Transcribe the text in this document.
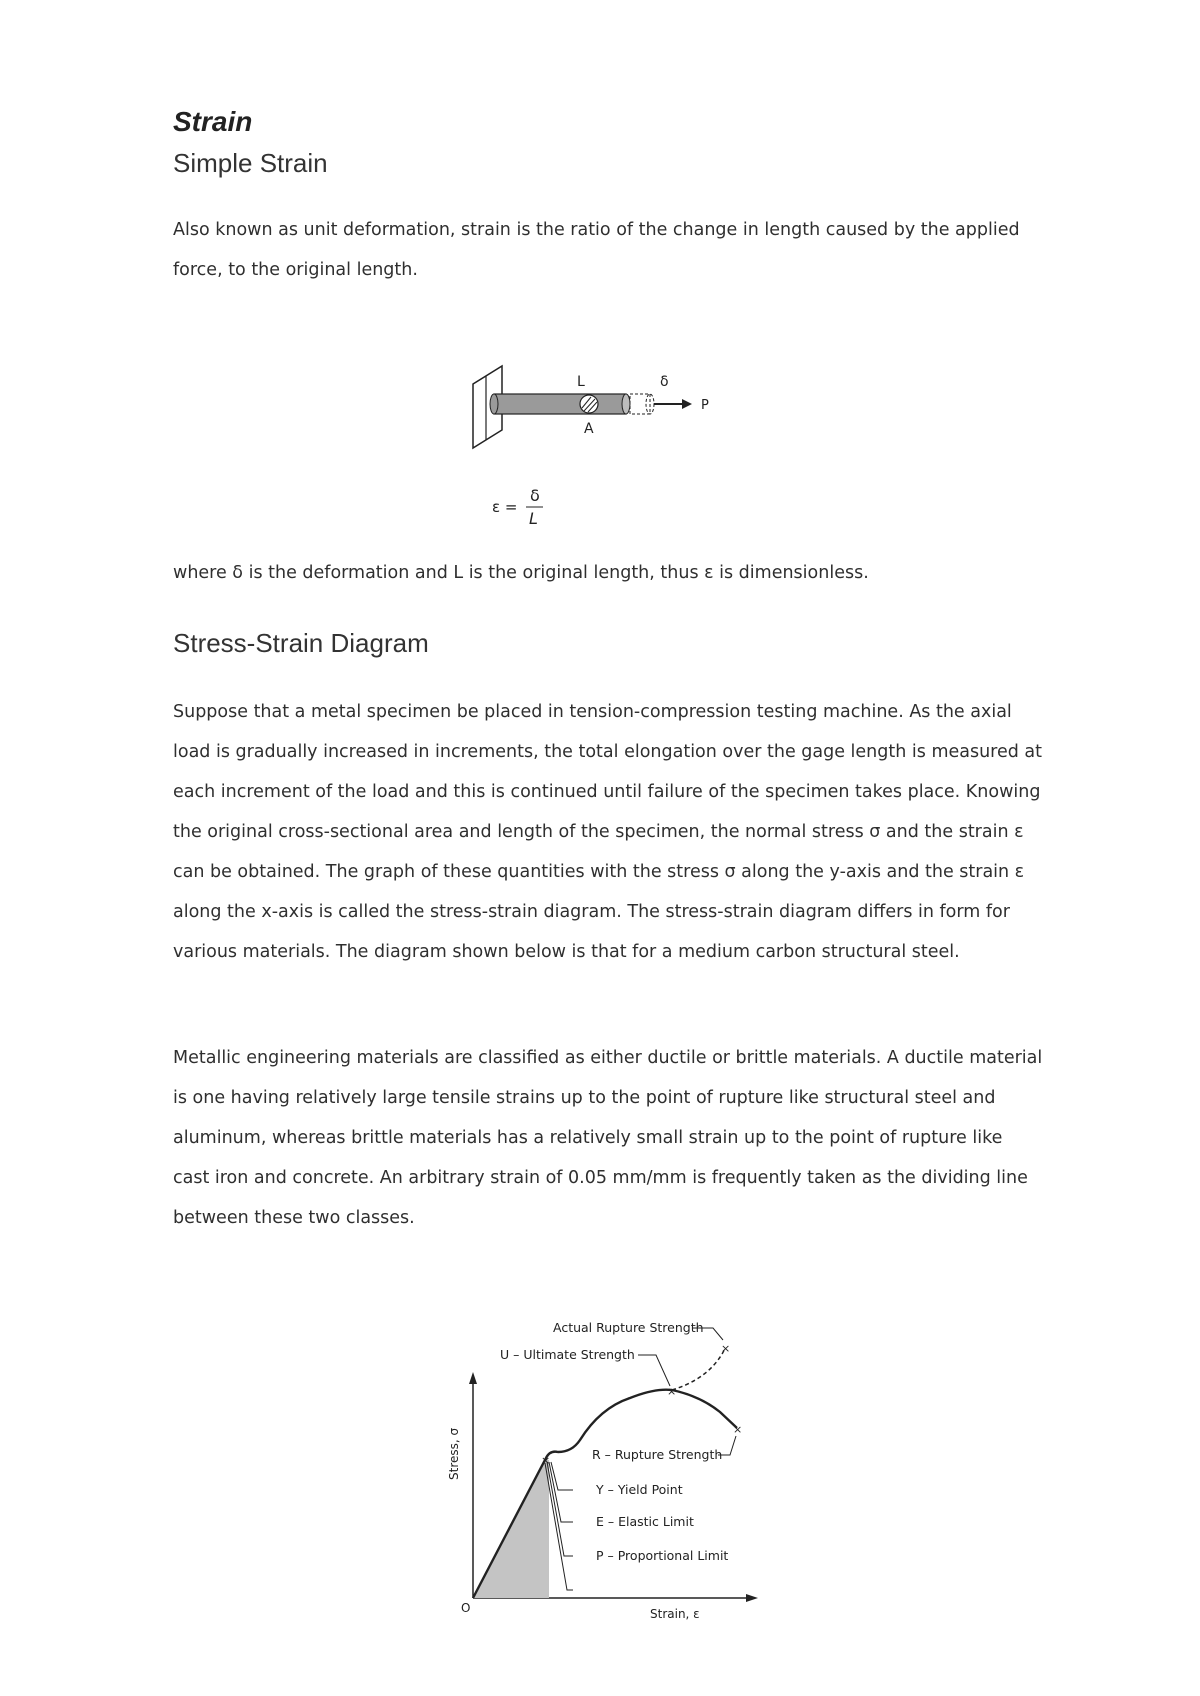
Strain
Simple Strain

Also known as unit deformation, strain is the ratio of the change in length caused by the applied force, to the original length.

where δ is the deformation and L is the original length, thus ε is dimensionless.

Stress-Strain Diagram

Suppose that a metal specimen be placed in tension-compression testing machine. As the axial load is gradually increased in increments, the total elongation over the gage length is measured at each increment of the load and this is continued until failure of the specimen takes place. Knowing the original cross-sectional area and length of the specimen, the normal stress σ and the strain ε can be obtained. The graph of these quantities with the stress σ along the y-axis and the strain ε along the x-axis is called the stress-strain diagram. The stress-strain diagram differs in form for various materials. The diagram shown below is that for a medium carbon structural steel.

Metallic engineering materials are classified as either ductile or brittle materials. A ductile material is one having relatively large tensile strains up to the point of rupture like structural steel and aluminum, whereas brittle materials has a relatively small strain up to the point of rupture like cast iron and concrete. An arbitrary strain of 0.05 mm/mm is frequently taken as the dividing line between these two classes.

L	δ
P
A
ε =
δ
L
×
×
×
×
Actual Rupture Strength
U – Ultimate Strength
R – Rupture Strength
Y – Yield Point
E – Elastic Limit
P – Proportional Limit
Stress, σ
Strain, ε
O
